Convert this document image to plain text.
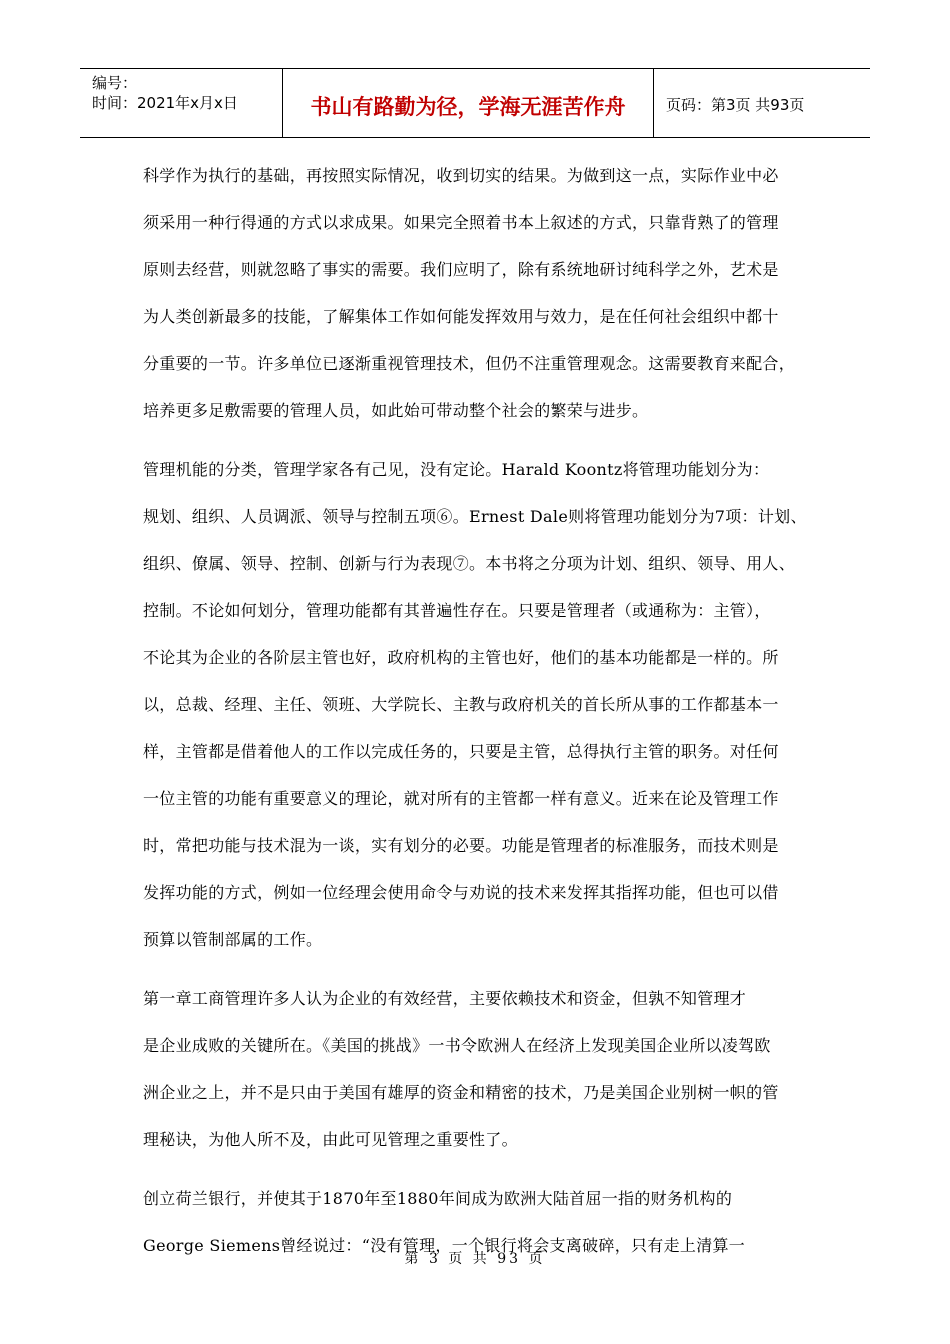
编号：
时间：2021年x月x日	书山有路勤为径，学海无涯苦作舟	页码：第3页 共93页
科学作为执行的基础，再按照实际情况，收到切实的结果。为做到这一点，实际作业中必
须采用一种行得通的方式以求成果。如果完全照着书本上叙述的方式，只靠背熟了的管理
原则去经营，则就忽略了事实的需要。我们应明了，除有系统地研讨纯科学之外，艺术是
为人类创新最多的技能，了解集体工作如何能发挥效用与效力，是在任何社会组织中都十
分重要的一节。许多单位已逐渐重视管理技术，但仍不注重管理观念。这需要教育来配合，
培养更多足敷需要的管理人员，如此始可带动整个社会的繁荣与进步。
管理机能的分类，管理学家各有己见，没有定论。Harald Koontz将管理功能划分为：
规划、组织、人员调派、领导与控制五项⑥。Ernest Dale则将管理功能划分为7项：计划、
组织、僚属、领导、控制、创新与行为表现⑦。本书将之分项为计划、组织、领导、用人、
控制。不论如何划分，管理功能都有其普遍性存在。只要是管理者（或通称为：主管），
不论其为企业的各阶层主管也好，政府机构的主管也好，他们的基本功能都是一样的。所
以，总裁、经理、主任、领班、大学院长、主教与政府机关的首长所从事的工作都基本一
样，主管都是借着他人的工作以完成任务的，只要是主管，总得执行主管的职务。对任何
一位主管的功能有重要意义的理论，就对所有的主管都一样有意义。近来在论及管理工作
时，常把功能与技术混为一谈，实有划分的必要。功能是管理者的标准服务，而技术则是
发挥功能的方式，例如一位经理会使用命令与劝说的技术来发挥其指挥功能，但也可以借
预算以管制部属的工作。
第一章工商管理许多人认为企业的有效经营，主要依赖技术和资金，但孰不知管理才
是企业成败的关键所在。《美国的挑战》一书令欧洲人在经济上发现美国企业所以凌驾欧
洲企业之上，并不是只由于美国有雄厚的资金和精密的技术，乃是美国企业别树一帜的管
理秘诀，为他人所不及，由此可见管理之重要性了。
创立荷兰银行，并使其于1870年至1880年间成为欧洲大陆首屈一指的财务机构的
George Siemens曾经说过：“没有管理，一个银行将会支离破碎，只有走上清算一
第 3 页 共 93 页
